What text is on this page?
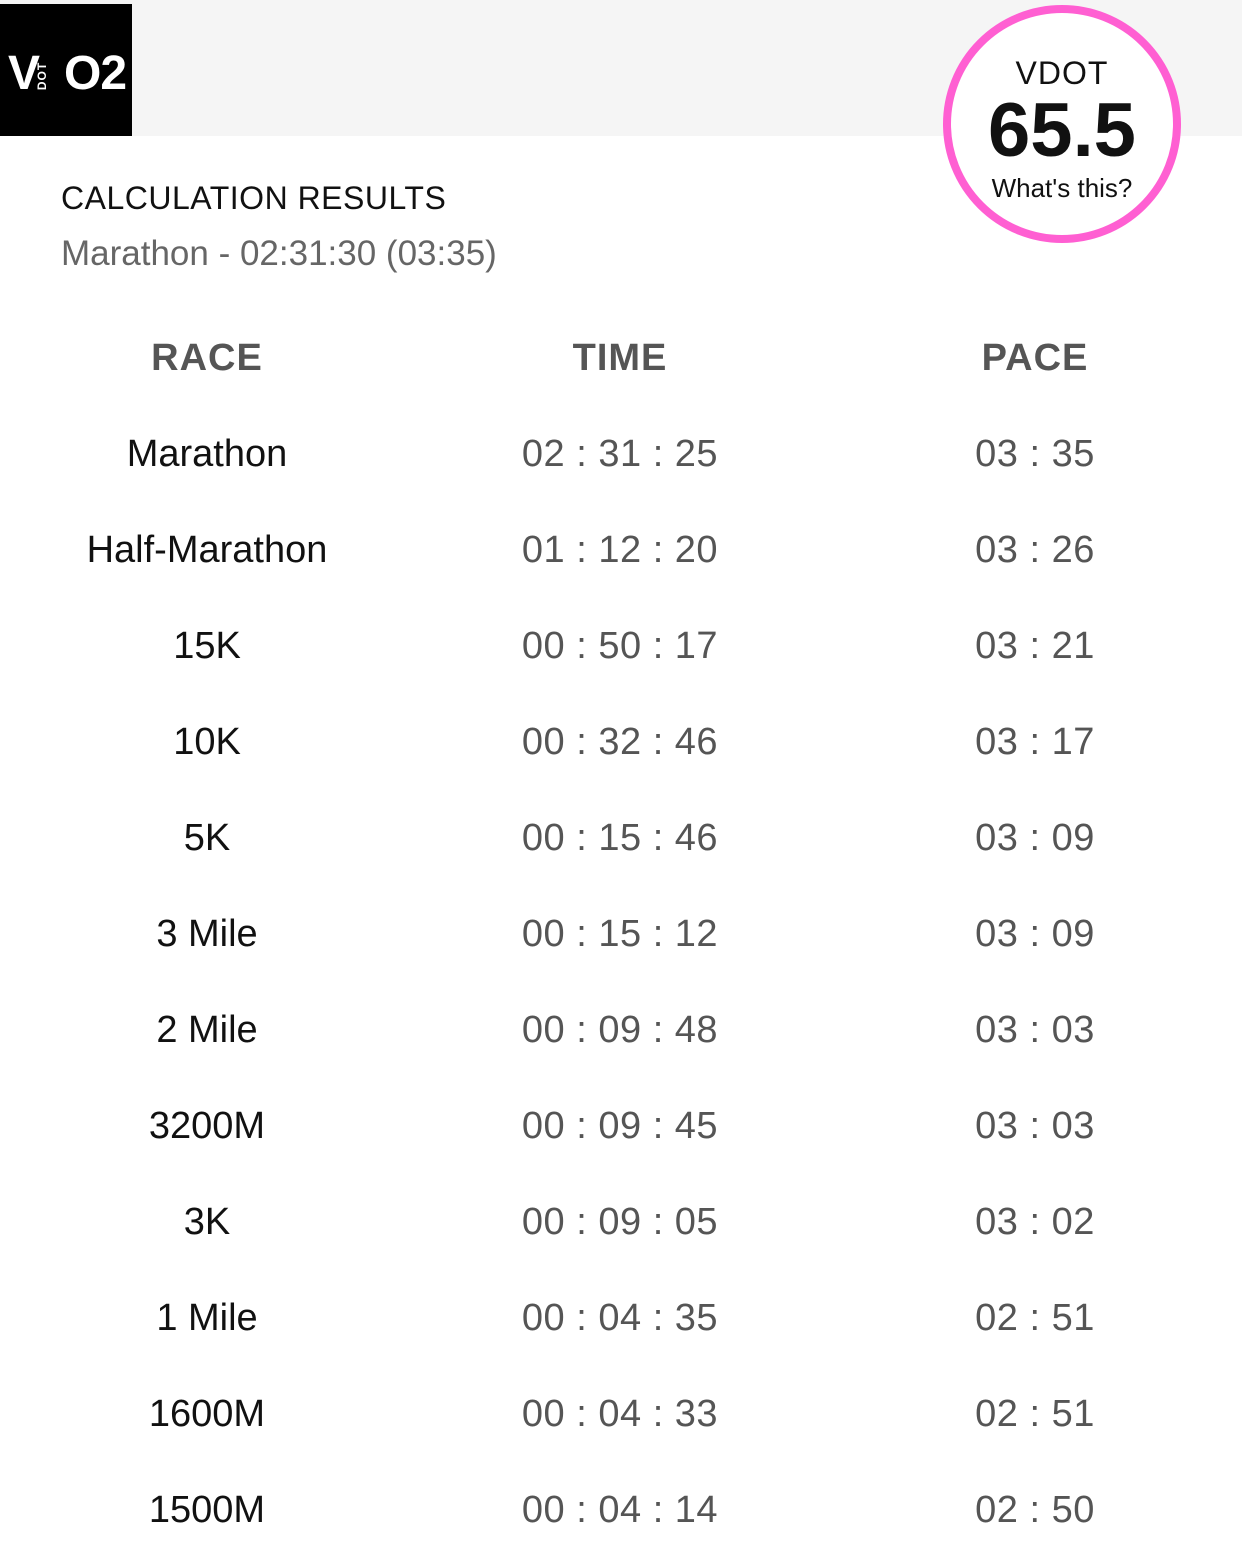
V
DOT O2	VDOT
65.5
What's this?
CALCULATION RESULTS
Marathon - 02:31:30 (03:35)
RACE	TIME	PACE
Marathon	02 : 31 : 25	03 : 35
Half-Marathon	01 : 12 : 20	03 : 26
15K	00 : 50 : 17	03 : 21
10K	00 : 32 : 46	03 : 17
5K	00 : 15 : 46	03 : 09
3 Mile	00 : 15 : 12	03 : 09
2 Mile	00 : 09 : 48	03 : 03
3200M	00 : 09 : 45	03 : 03
3K	00 : 09 : 05	03 : 02
1 Mile	00 : 04 : 35	02 : 51
1600M	00 : 04 : 33	02 : 51
1500M	00 : 04 : 14	02 : 50
